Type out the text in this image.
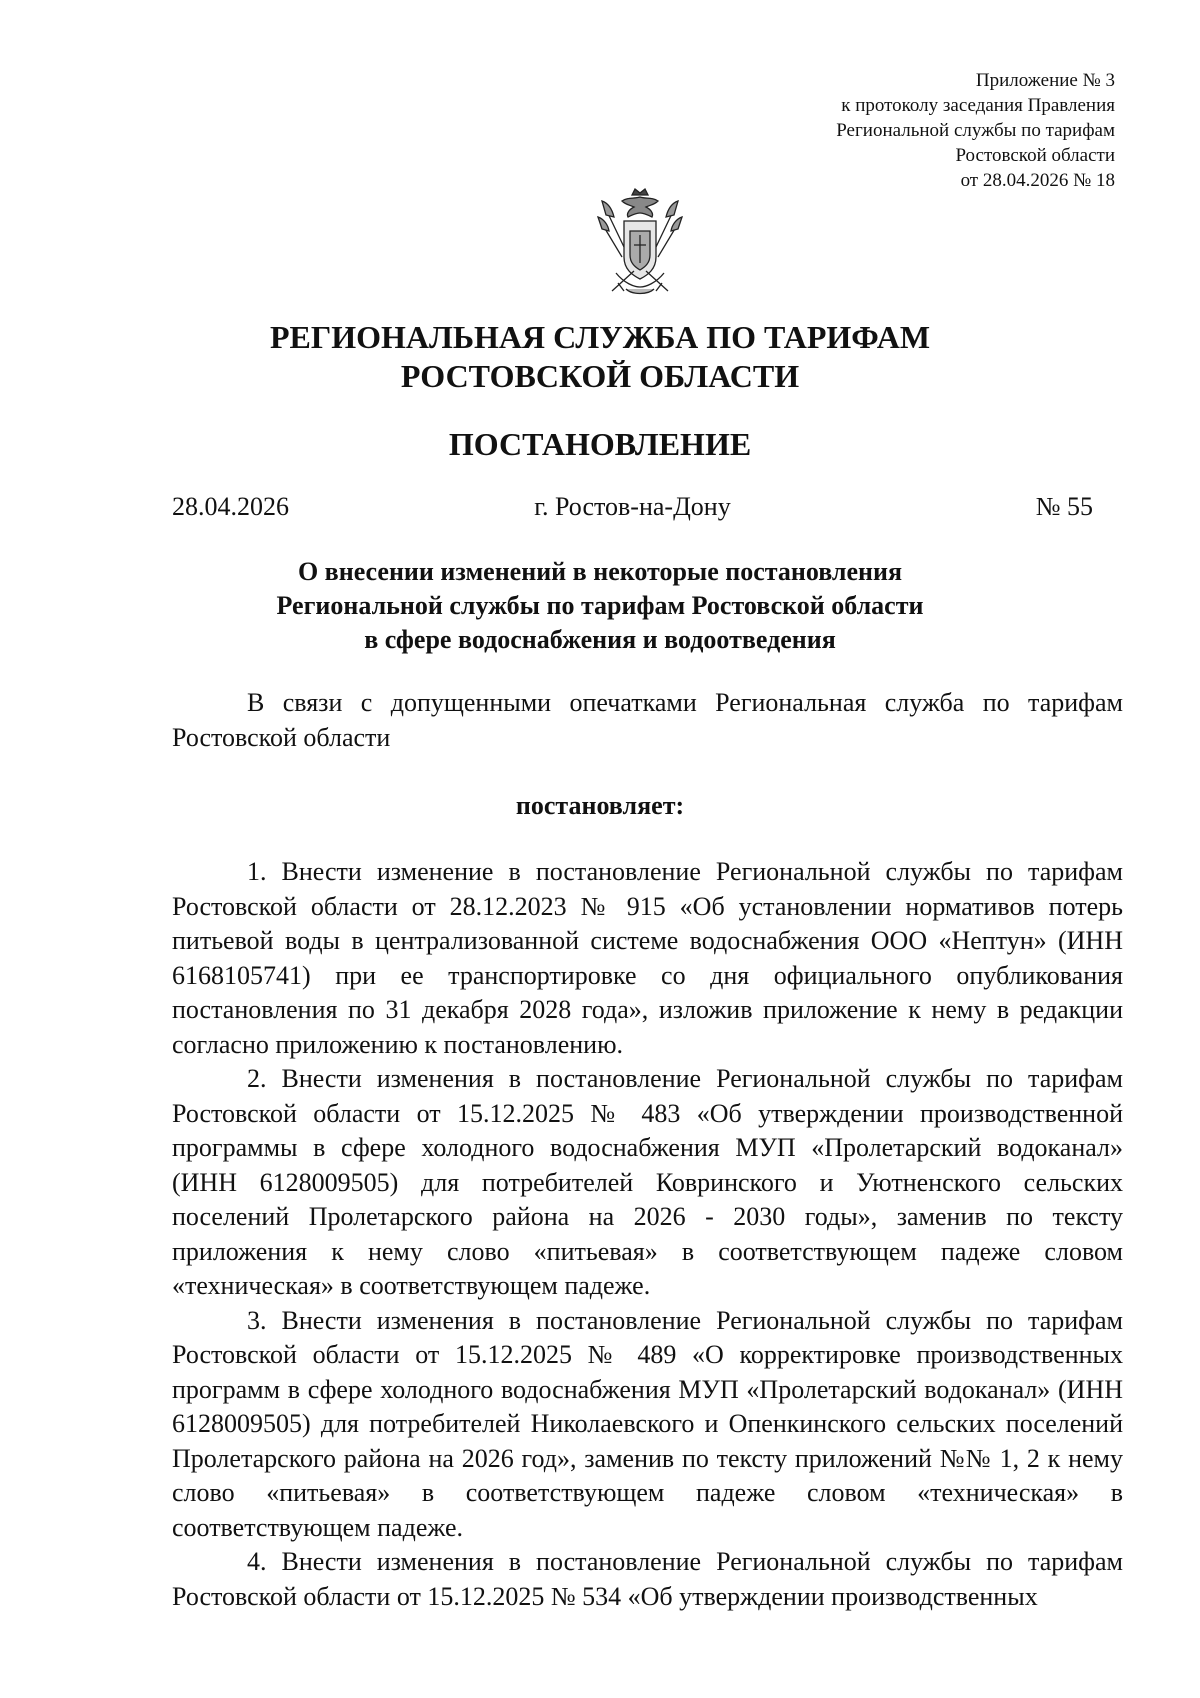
Приложение № 3
к протоколу заседания Правления
Региональной службы по тарифам
Ростовской области
от 28.04.2026 № 18
РЕГИОНАЛЬНАЯ СЛУЖБА ПО ТАРИФАМ
РОСТОВСКОЙ ОБЛАСТИ
ПОСТАНОВЛЕНИЕ
28.04.2026	г. Ростов-на-Дону	№ 55
О внесении изменений в некоторые постановления
Региональной службы по тарифам Ростовской области
в сфере водоснабжения и водоотведения

В связи с допущенными опечатками Региональная служба по тарифам Ростовской области

постановляет:

1. Внести изменение в постановление Региональной службы по тарифам Ростовской области от 28.12.2023 № 915 «Об установлении нормативов потерь питьевой воды в централизованной системе водоснабжения ООО «Нептун» (ИНН 6168105741) при ее транспортировке со дня официального опубликования постановления по 31 декабря 2028 года», изложив приложение к нему в редакции согласно приложению к постановлению.

2. Внести изменения в постановление Региональной службы по тарифам Ростовской области от 15.12.2025 № 483 «Об утверждении производственной программы в сфере холодного водоснабжения МУП «Пролетарский водоканал» (ИНН 6128009505) для потребителей Ковринского и Уютненского сельских поселений Пролетарского района на 2026 - 2030 годы», заменив по тексту приложения к нему слово «питьевая» в соответствующем падеже словом «техническая» в соответствующем падеже.

3. Внести изменения в постановление Региональной службы по тарифам Ростовской области от 15.12.2025 № 489 «О корректировке производственных программ в сфере холодного водоснабжения МУП «Пролетарский водоканал» (ИНН 6128009505) для потребителей Николаевского и Опенкинского сельских поселений Пролетарского района на 2026 год», заменив по тексту приложений №№ 1, 2 к нему слово «питьевая» в соответствующем падеже словом «техническая» в соответствующем падеже.

4. Внести изменения в постановление Региональной службы по тарифам Ростовской области от 15.12.2025 № 534 «Об утверждении производственных
